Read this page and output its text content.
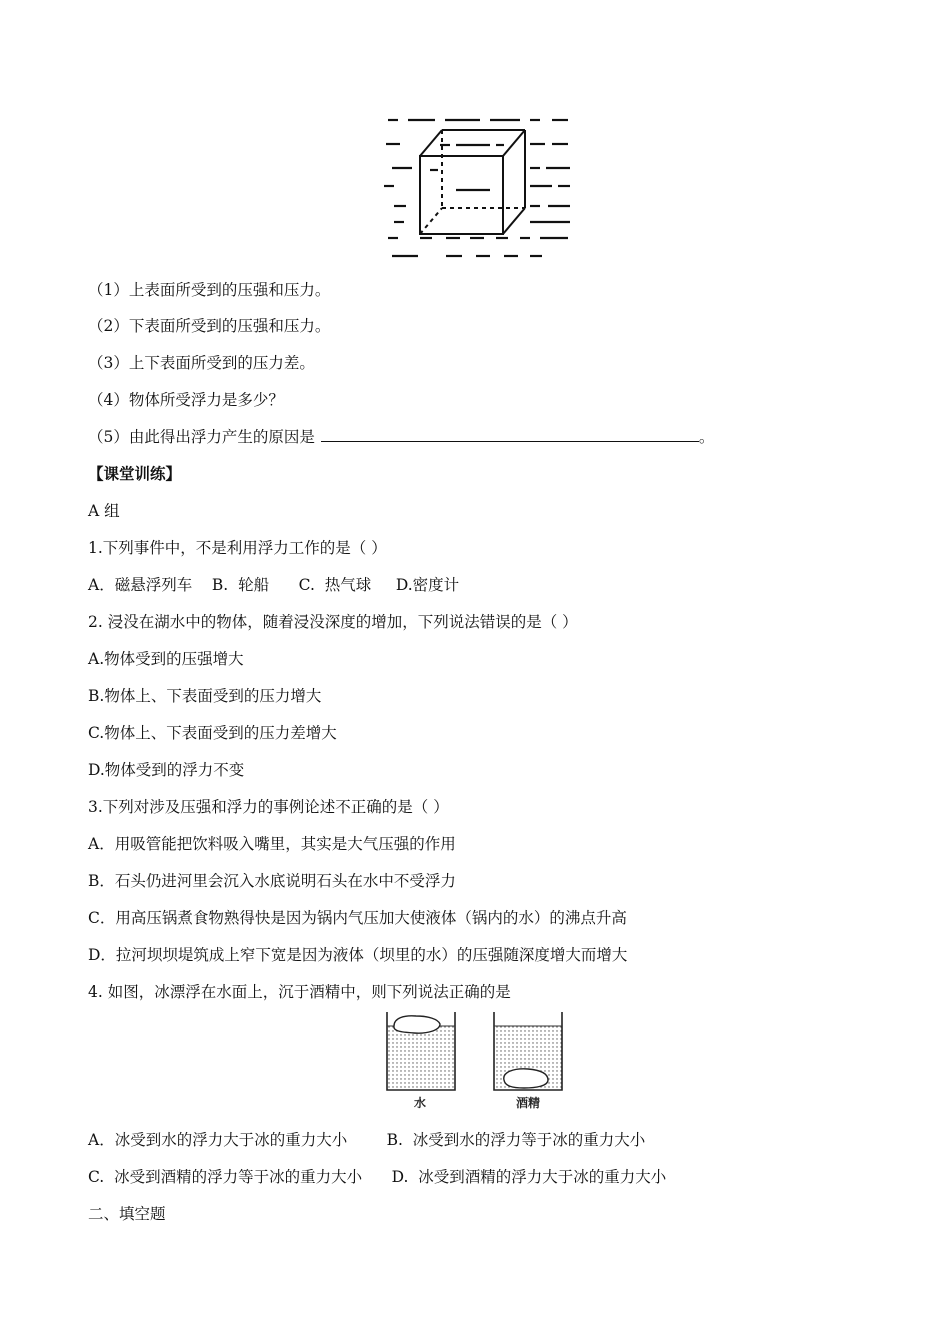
（1）上表面所受到的压强和压力。
（2）下表面所受到的压强和压力。
（3）上下表面所受到的压力差。
（4）物体所受浮力是多少？
（5）由此得出浮力产生的原因是	。
【课堂训练】
A 组
1.下列事件中，不是利用浮力工作的是（ ）
A．磁悬浮列车    B.  轮船      C.  热气球     D.密度计
2. 浸没在湖水中的物体，随着浸没深度的增加，下列说法错误的是（ ）
A.物体受到的压强增大
B.物体上、下表面受到的压力增大
C.物体上、下表面受到的压力差增大
D.物体受到的浮力不变
3.下列对涉及压强和浮力的事例论述不正确的是（ ）
A．用吸管能把饮料吸入嘴里，其实是大气压强的作用
B．石头仍进河里会沉入水底说明石头在水中不受浮力
C．用高压锅煮食物熟得快是因为锅内气压加大使液体（锅内的水）的沸点升高
D．拉河坝坝堤筑成上窄下宽是因为液体（坝里的水）的压强随深度增大而增大
4. 如图，冰漂浮在水面上，沉于酒精中，则下列说法正确的是
水	酒精
A．冰受到水的浮力大于冰的重力大小        B.  冰受到水的浮力等于冰的重力大小
C.  冰受到酒精的浮力等于冰的重力大小      D.  冰受到酒精的浮力大于冰的重力大小
二、填空题
